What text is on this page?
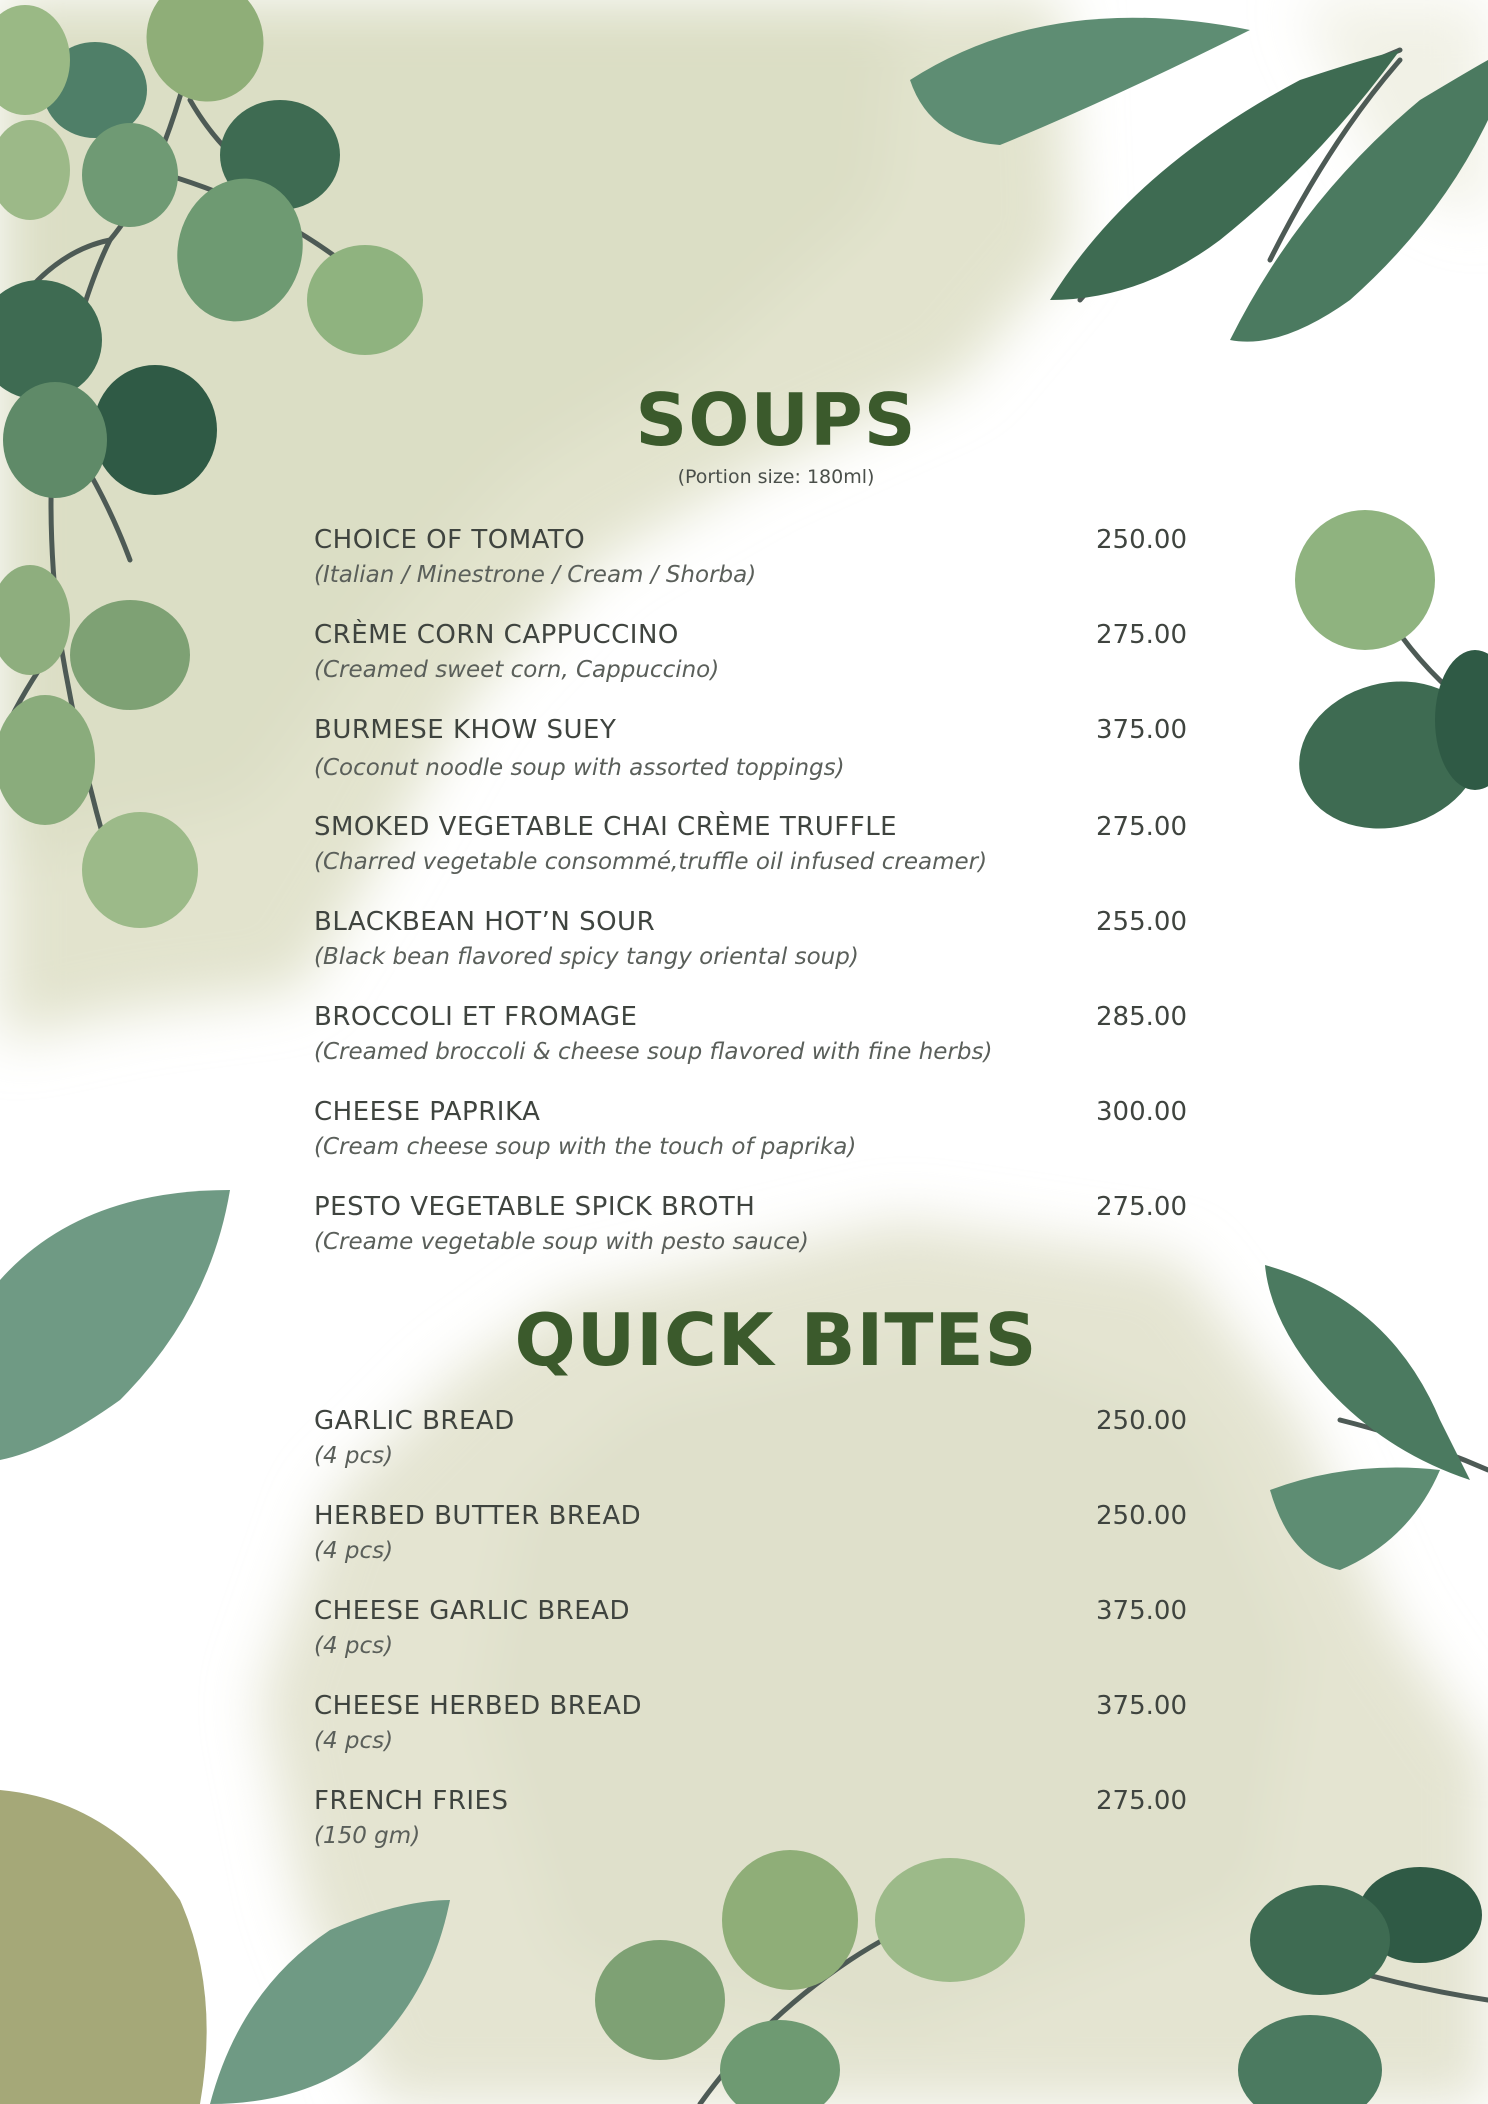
SOUPS
(Portion size: 180ml)
CHOICE OF TOMATO
(Italian / Minestrone / Cream / Shorba)
250.00
CRÈME CORN CAPPUCCINO
(Creamed sweet corn, Cappuccino)
275.00
BURMESE KHOW SUEY
(Coconut noodle soup with assorted toppings)
375.00
SMOKED VEGETABLE CHAI CRÈME TRUFFLE
(Charred vegetable consommé,truffle oil infused creamer)
275.00
BLACKBEAN HOT’N SOUR
(Black bean flavored spicy tangy oriental soup)
255.00
BROCCOLI ET FROMAGE
(Creamed broccoli & cheese soup flavored with fine herbs)
285.00
CHEESE PAPRIKA
(Cream cheese soup with the touch of paprika)
300.00
PESTO VEGETABLE SPICK BROTH
(Creame vegetable soup with pesto sauce)
275.00
QUICK BITES
GARLIC BREAD
(4 pcs)
250.00
HERBED BUTTER BREAD
(4 pcs)
250.00
CHEESE GARLIC BREAD
(4 pcs)
375.00
CHEESE HERBED BREAD
(4 pcs)
375.00
FRENCH FRIES
(150 gm)
275.00
